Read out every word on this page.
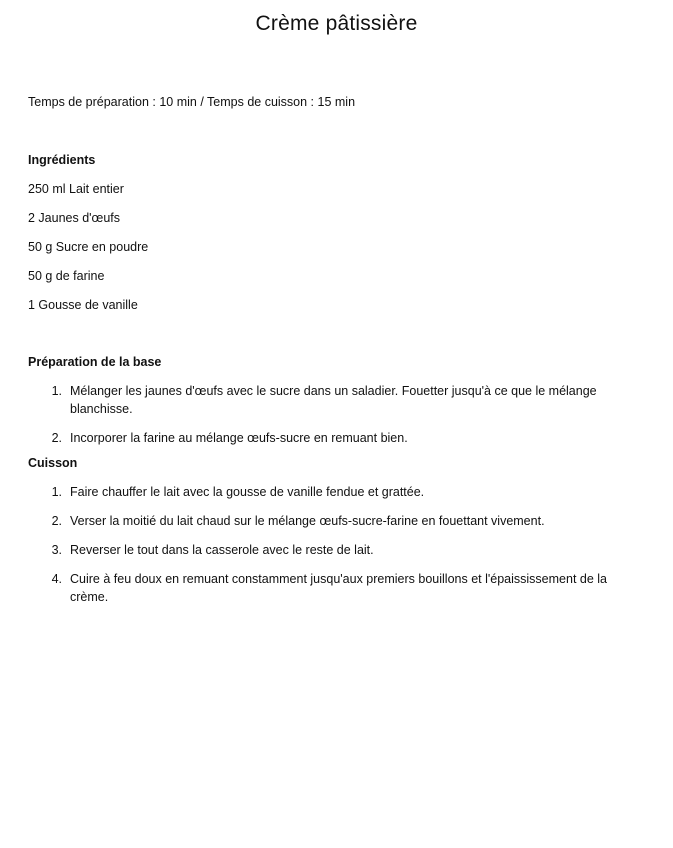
Crème pâtissière

Temps de préparation : 10 min / Temps de cuisson : 15 min

Ingrédients

250 ml Lait entier
2 Jaunes d'œufs
50 g Sucre en poudre
50 g de farine
1 Gousse de vanille

Préparation de la base

1. Mélanger les jaunes d'œufs avec le sucre dans un saladier. Fouetter jusqu'à ce que le mélange blanchisse.
2. Incorporer la farine au mélange œufs-sucre en remuant bien.

Cuisson

1. Faire chauffer le lait avec la gousse de vanille fendue et grattée.
2. Verser la moitié du lait chaud sur le mélange œufs-sucre-farine en fouettant vivement.
3. Reverser le tout dans la casserole avec le reste de lait.
4. Cuire à feu doux en remuant constamment jusqu'aux premiers bouillons et l'épaississement de la crème.
